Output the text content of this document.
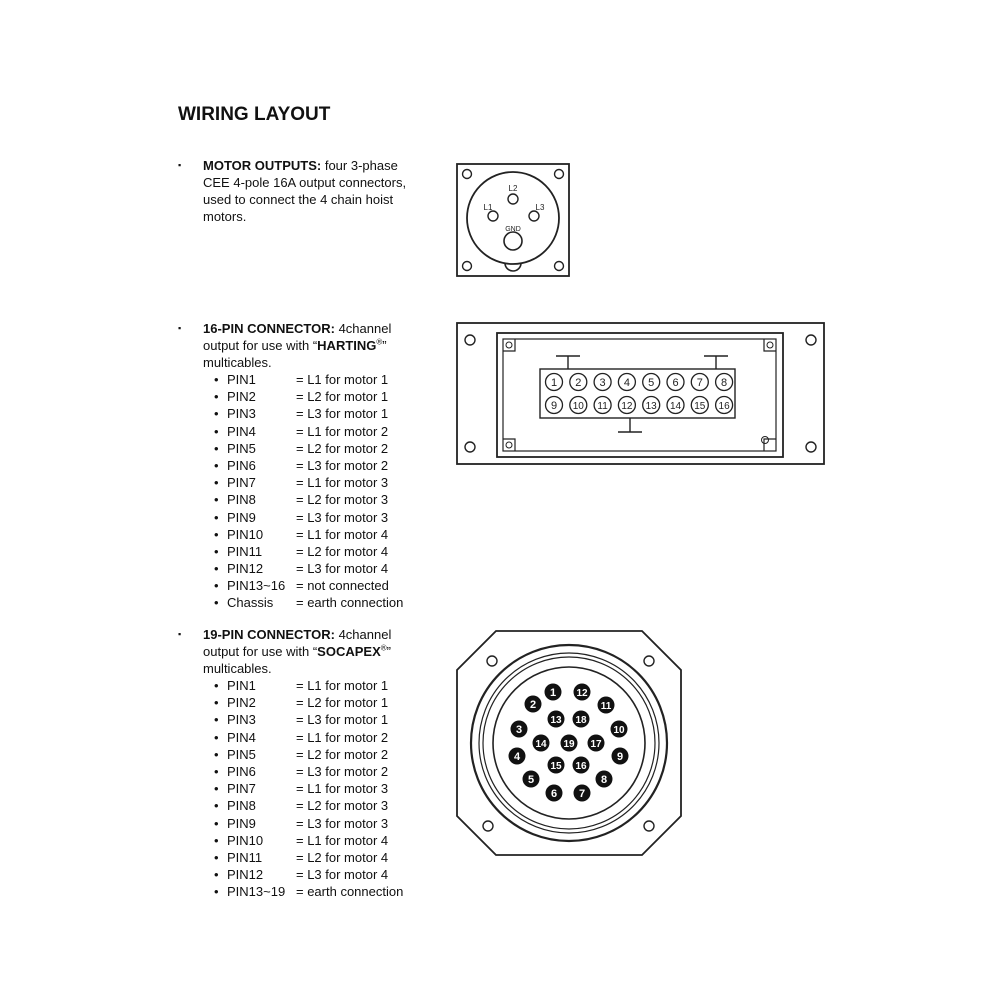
WIRING LAYOUT
▪	MOTOR OUTPUTS: four 3-phase
CEE 4-pole 16A output connectors,
used to connect the 4 chain hoist
motors.
L2
L1	L3
GND
▪	16-PIN CONNECTOR: 4channel
output for use with “HARTING®”
multicables.
• PIN1	= L1 for motor 1
• PIN2	= L2 for motor 1
• PIN3	= L3 for motor 1
• PIN4	= L1 for motor 2
• PIN5	= L2 for motor 2
• PIN6	= L3 for motor 2
• PIN7	= L1 for motor 3
• PIN8	= L2 for motor 3
• PIN9	= L3 for motor 3
• PIN10	= L1 for motor 4
• PIN11	= L2 for motor 4
• PIN12	= L3 for motor 4
• PIN13~16 = not connected
• Chassis	= earth connection
1 2 3 4 5 6 7 8
9 10 11 12 13 14 15 16
▪	19-PIN CONNECTOR: 4channel
output for use with “SOCAPEX®”
multicables.
• PIN1	= L1 for motor 1
• PIN2	= L2 for motor 1
• PIN3	= L3 for motor 1
• PIN4	= L1 for motor 2
• PIN5	= L2 for motor 2
• PIN6	= L3 for motor 2
• PIN7	= L1 for motor 3
• PIN8	= L2 for motor 3
• PIN9	= L3 for motor 3
• PIN10	= L1 for motor 4
• PIN11	= L2 for motor 4
• PIN12	= L3 for motor 4
• PIN13~19 = earth connection
1
2
3
4
5
6 7
8
9
10
11
12
13
14
15 16
17
18
19
